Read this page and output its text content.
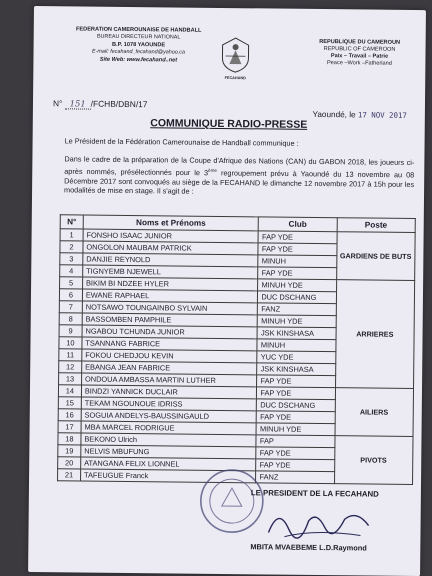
FEDERATION CAMEROUNAISE DE HANDBALL
BUREAU DIRECTEUR NATIONAL
B.P. 1078 YAOUNDE
E-mail: fecahand_fecahand@yahoo.ca
Site Web: www.fecahand..net
FECAHAND
REPUBLIQUE DU CAMEROUN
REPUBLIC OF CAMEROON
Paix – Travail – Patrie
Peace –Work –Fatherland
N° 151 /FCHB/DBN/17
Yaoundé, le 17 NOV 2017
COMMUNIQUE RADIO-PRESSE
Le Président de la Fédération Camerounaise de Handball communique :
Dans le cadre de la préparation de la Coupe d'Afrique des Nations (CAN) du GABON 2018, les joueurs ci-après nommés, présélectionnés pour le 3ème regroupement prévu à Yaoundé du 13 novembre au 08 Décembre 2017 sont convoqués au siège de la FECAHAND le dimanche 12 novembre 2017 à 15h pour les modalités de mise en stage. Il s'agit de :
N°	Noms et Prénoms	Club	Poste
1	FONSHO ISAAC JUNIOR	FAP YDE	GARDIENS DE BUTS
2	ONGOLON MAUBAM PATRICK	FAP YDE	
3	DANJIE REYNOLD	MINUH	
4	TIGNYEMB NJEWELL	FAP YDE	
5	BIKIM BI NDZEE HYLER	MINUH YDE	ARRIERES
6	EWANE RAPHAEL	DUC DSCHANG	
7	NOTSAWO TOUNGAINBO SYLVAIN	FANZ	
8	BASSOMBEN PAMPHILE	MINUH YDE	
9	NGABOU TCHUNDA JUNIOR	JSK KINSHASA	
10	TSANNANG FABRICE	MINUH	
11	FOKOU CHEDJOU KEVIN	YUC YDE	
12	EBANGA JEAN FABRICE	JSK KINSHASA	
13	ONDOUA AMBASSA MARTIN LUTHER	FAP YDE	
14	BINDZI YANNICK DUCLAIR	FAP YDE	AILIERS
15	TEKAM NGOUNOUE IDRISS	DUC DSCHANG	
16	SOGUIA ANDELYS-BAUSSINGAULD	FAP YDE	
17	MBA MARCEL RODRIGUE	MINUH YDE	
18	BEKONO Ulrich	FAP	PIVOTS
19	NELVIS MBUFUNG	FAP YDE	
20	ATANGANA FELIX LIONNEL	FAP YDE	
21	TAFEUGUE Franck	FANZ	
LE PRESIDENT DE LA FECAHAND
MBITA MVAEBEME L.D.Raymond
